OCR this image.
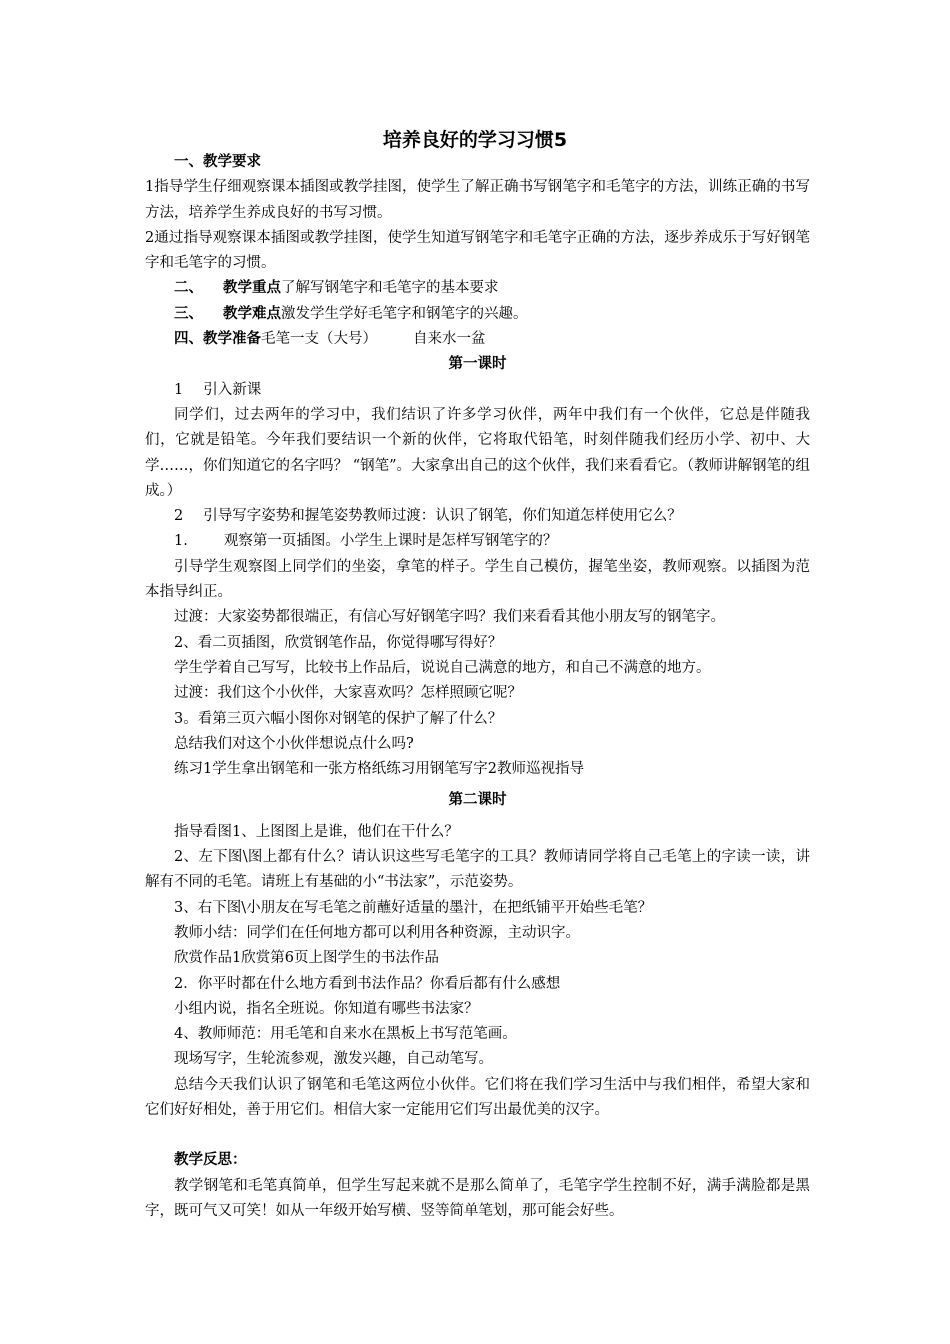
培养良好的学习习惯5

一、教学要求

1指导学生仔细观察课本插图或教学挂图，使学生了解正确书写钢笔字和毛笔字的方法，训练正确的书写方法，培养学生养成良好的书写习惯。

2通过指导观察课本插图或教学挂图，使学生知道写钢笔字和毛笔字正确的方法，逐步养成乐于写好钢笔字和毛笔字的习惯。

二、 教学重点了解写钢笔字和毛笔字的基本要求

三、 教学难点激发学生学好毛笔字和钢笔字的兴趣。

四、教学准备毛笔一支（大号） 自来水一盆

第一课时

1 引入新课

同学们，过去两年的学习中，我们结识了许多学习伙伴，两年中我们有一个伙伴，它总是伴随我们，它就是铅笔。今年我们要结识一个新的伙伴，它将取代铅笔，时刻伴随我们经历小学、初中、大学……，你们知道它的名字吗？ “钢笔”。大家拿出自己的这个伙伴，我们来看看它。（教师讲解钢笔的组成。）

2 引导写字姿势和握笔姿势教师过渡：认识了钢笔，你们知道怎样使用它么？

1. 观察第一页插图。小学生上课时是怎样写钢笔字的？

引导学生观察图上同学们的坐姿，拿笔的样子。学生自己模仿，握笔坐姿，教师观察。以插图为范本指导纠正。

过渡：大家姿势都很端正，有信心写好钢笔字吗？我们来看看其他小朋友写的钢笔字。

2、看二页插图，欣赏钢笔作品，你觉得哪写得好？

学生学着自己写写，比较书上作品后，说说自己满意的地方，和自己不满意的地方。

过渡：我们这个小伙伴，大家喜欢吗？怎样照顾它呢？

3。看第三页六幅小图你对钢笔的保护了解了什么？

总结我们对这个小伙伴想说点什么吗?

练习1学生拿出钢笔和一张方格纸练习用钢笔写字2教师巡视指导

第二课时

指导看图1、上图图上是谁，他们在干什么？

2、左下图\图上都有什么？请认识这些写毛笔字的工具？教师请同学将自己毛笔上的字读一读，讲解有不同的毛笔。请班上有基础的小“书法家”，示范姿势。

3、右下图\小朋友在写毛笔之前蘸好适量的墨汁，在把纸铺平开始些毛笔？

教师小结：同学们在任何地方都可以利用各种资源，主动识字。

欣赏作品1欣赏第6页上图学生的书法作品

2．你平时都在什么地方看到书法作品？你看后都有什么感想

小组内说，指名全班说。你知道有哪些书法家？

4、教师师范：用毛笔和自来水在黑板上书写范笔画。

现场写字，生轮流参观，激发兴趣，自己动笔写。

总结今天我们认识了钢笔和毛笔这两位小伙伴。它们将在我们学习生活中与我们相伴，希望大家和它们好好相处，善于用它们。相信大家一定能用它们写出最优美的汉字。

教学反思：

教学钢笔和毛笔真简单，但学生写起来就不是那么简单了，毛笔字学生控制不好，满手满脸都是黑字，既可气又可笑！如从一年级开始写横、竖等简单笔划，那可能会好些。
